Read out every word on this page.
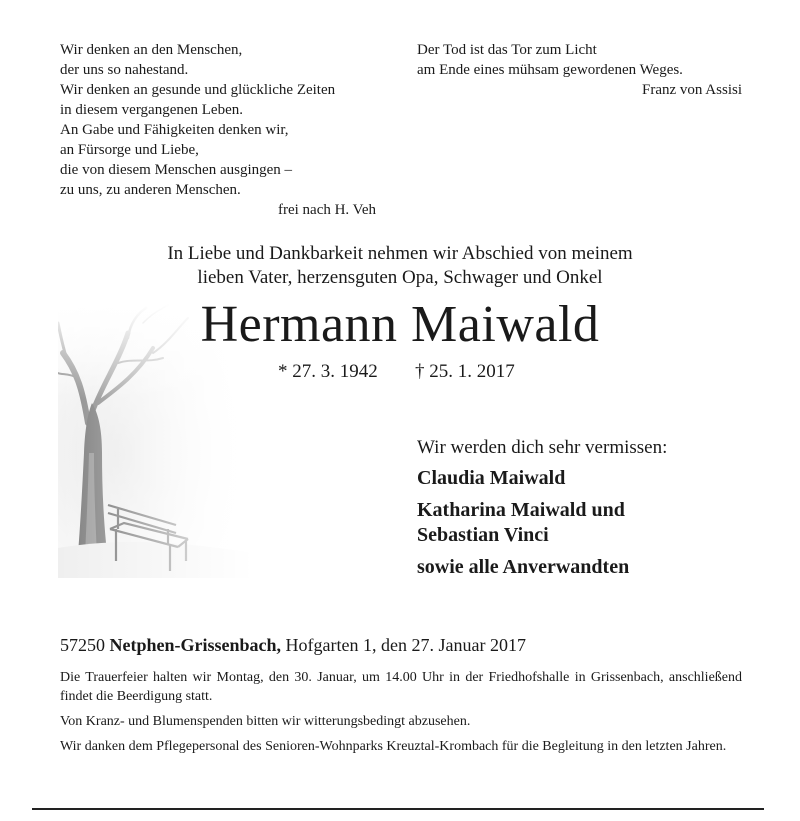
Wir denken an den Menschen,
der uns so nahestand.
Wir denken an gesunde und glückliche Zeiten
in diesem vergangenen Leben.
An Gabe und Fähigkeiten denken wir,
an Fürsorge und Liebe,
die von diesem Menschen ausgingen –
zu uns, zu anderen Menschen.
frei nach H. Veh
Der Tod ist das Tor zum Licht
am Ende eines mühsam gewordenen Weges.
Franz von Assisi
In Liebe und Dankbarkeit nehmen wir Abschied von meinem
lieben Vater, herzensguten Opa, Schwager und Onkel
Hermann Maiwald
* 27. 3. 1942 † 25. 1. 2017
Wir werden dich sehr vermissen:
Claudia Maiwald
Katharina Maiwald und
Sebastian Vinci
sowie alle Anverwandten
57250 Netphen-Grissenbach, Hofgarten 1, den 27. Januar 2017

Die Trauerfeier halten wir Montag, den 30. Januar, um 14.00 Uhr in der Friedhofshalle in Grissenbach, anschließend findet die Beerdigung statt.

Von Kranz- und Blumenspenden bitten wir witterungsbedingt abzusehen.

Wir danken dem Pflegepersonal des Senioren-Wohnparks Kreuztal-Krombach für die Begleitung in den letzten Jahren.
